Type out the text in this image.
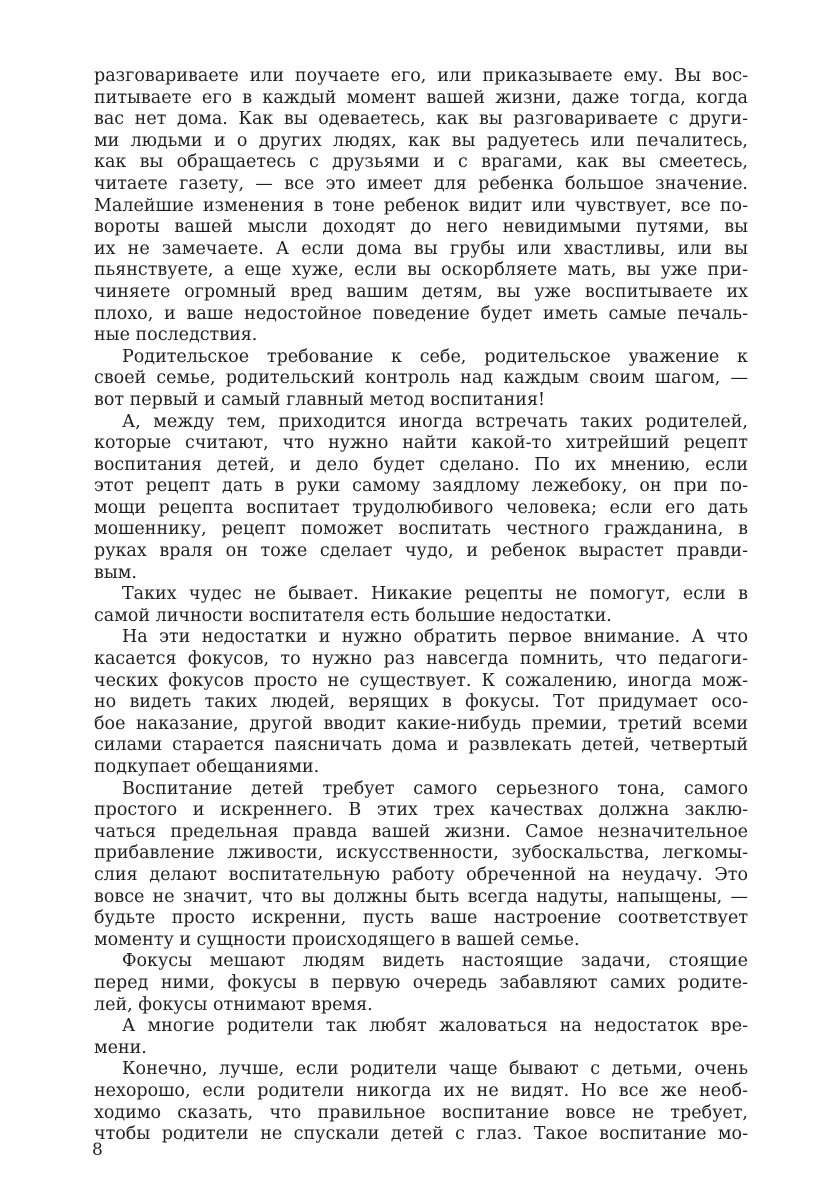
разговариваете или поучаете его, или приказываете ему. Вы вос-
питываете его в каждый момент вашей жизни, даже тогда, когда
вас нет дома. Как вы одеваетесь, как вы разговариваете с други-
ми людьми и о других людях, как вы радуетесь или печалитесь,
как вы обращаетесь с друзьями и с врагами, как вы смеетесь,
читаете газету, — все это имеет для ребенка большое значение.
Малейшие изменения в тоне ребенок видит или чувствует, все по-
вороты вашей мысли доходят до него невидимыми путями, вы
их не замечаете. А если дома вы грубы или хвастливы, или вы
пьянствуете, а еще хуже, если вы оскорбляете мать, вы уже при-
чиняете огромный вред вашим детям, вы уже воспитываете их
плохо, и ваше недостойное поведение будет иметь самые печаль-
ные последствия.
Родительское требование к себе, родительское уважение к
своей семье, родительский контроль над каждым своим шагом, —
вот первый и самый главный метод воспитания!
А, между тем, приходится иногда встречать таких родителей,
которые считают, что нужно найти какой-то хитрейший рецепт
воспитания детей, и дело будет сделано. По их мнению, если
этот рецепт дать в руки самому заядлому лежебоку, он при по-
мощи рецепта воспитает трудолюбивого человека; если его дать
мошеннику, рецепт поможет воспитать честного гражданина, в
руках враля он тоже сделает чудо, и ребенок вырастет правди-
вым.
Таких чудес не бывает. Никакие рецепты не помогут, если в
самой личности воспитателя есть большие недостатки.
На эти недостатки и нужно обратить первое внимание. А что
касается фокусов, то нужно раз навсегда помнить, что педагоги-
ческих фокусов просто не существует. К сожалению, иногда мож-
но видеть таких людей, верящих в фокусы. Тот придумает осо-
бое наказание, другой вводит какие-нибудь премии, третий всеми
силами старается паясничать дома и развлекать детей, четвертый
подкупает обещаниями.
Воспитание детей требует самого серьезного тона, самого
простого и искреннего. В этих трех качествах должна заклю-
чаться предельная правда вашей жизни. Самое незначительное
прибавление лживости, искусственности, зубоскальства, легкомы-
слия делают воспитательную работу обреченной на неудачу. Это
вовсе не значит, что вы должны быть всегда надуты, напыщены, —
будьте просто искренни, пусть ваше настроение соответствует
моменту и сущности происходящего в вашей семье.
Фокусы мешают людям видеть настоящие задачи, стоящие
перед ними, фокусы в первую очередь забавляют самих родите-
лей, фокусы отнимают время.
А многие родители так любят жаловаться на недостаток вре-
мени.
Конечно, лучше, если родители чаще бывают с детьми, очень
нехорошо, если родители никогда их не видят. Но все же необ-
ходимо сказать, что правильное воспитание вовсе не требует,
чтобы родители не спускали детей с глаз. Такое воспитание мо-
8
